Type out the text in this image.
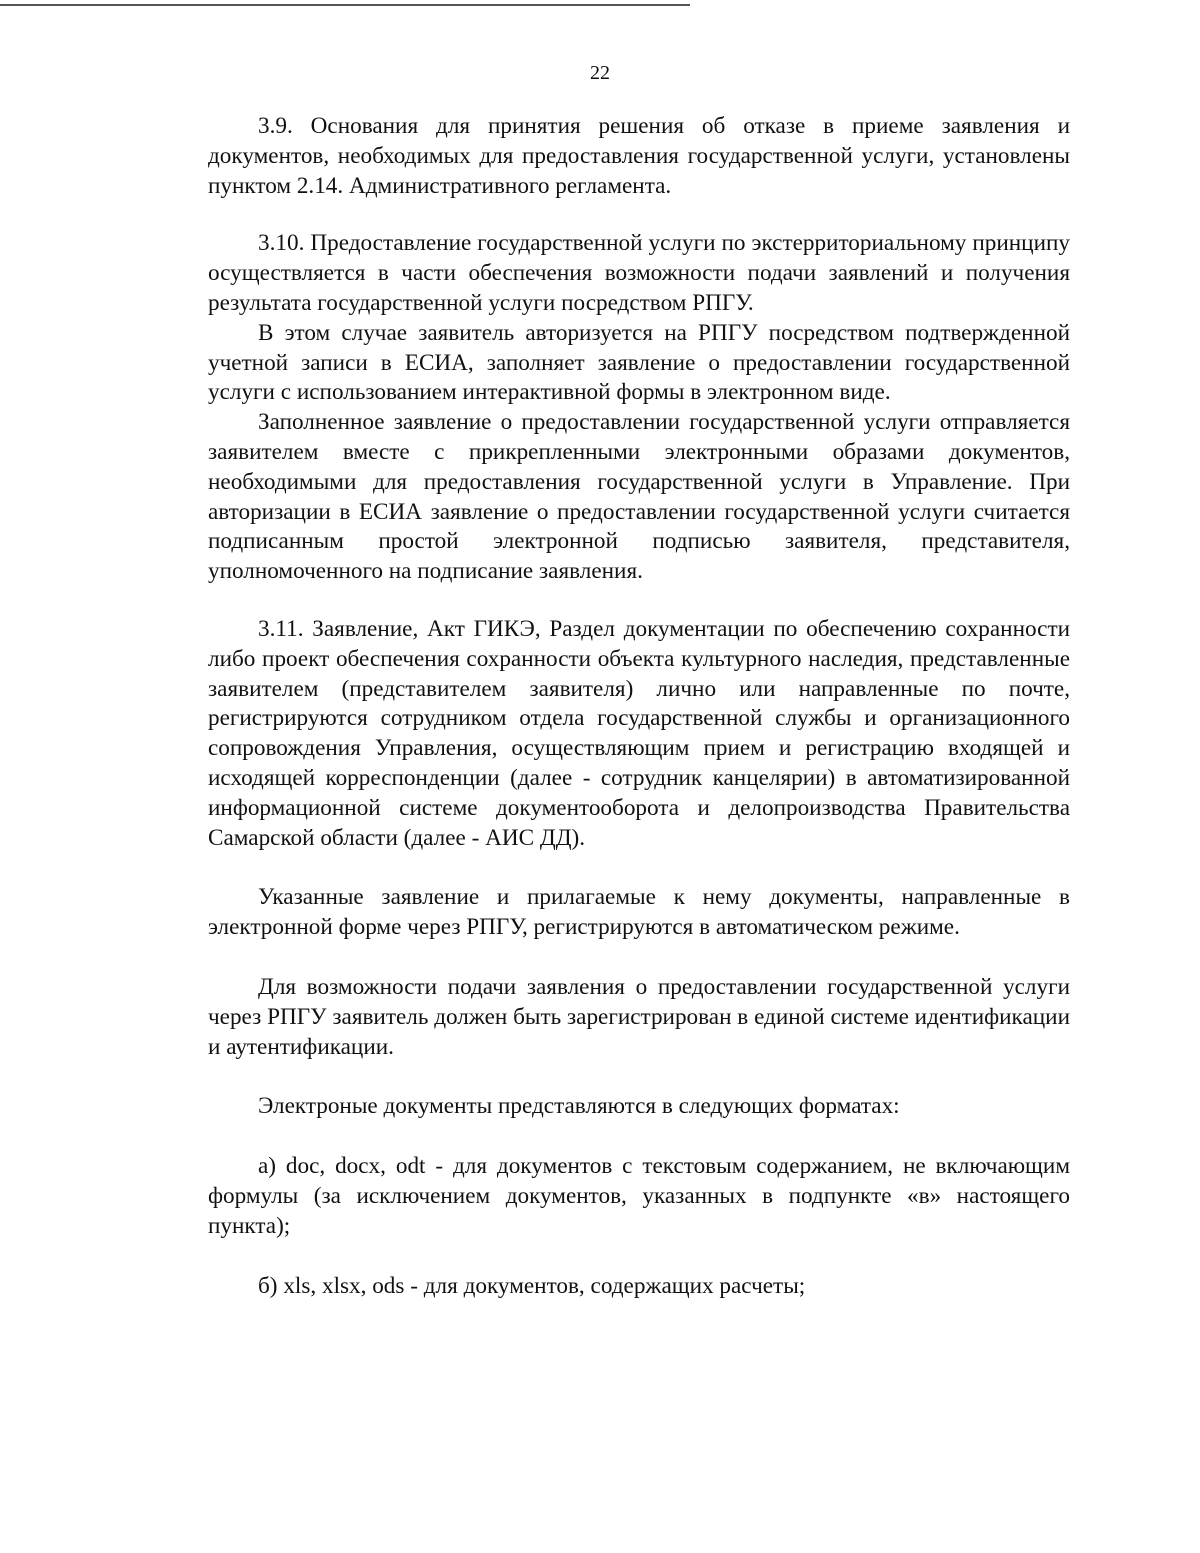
22

3.9. Основания для принятия решения об отказе в приеме заявления и документов, необходимых для предоставления государственной услуги, установлены пунктом 2.14. Административного регламента.

3.10. Предоставление государственной услуги по экстерриториальному принципу осуществляется в части обеспечения возможности подачи заявлений и получения результата государственной услуги посредством РПГУ.

В этом случае заявитель авторизуется на РПГУ посредством подтвержденной учетной записи в ЕСИА, заполняет заявление о предоставлении государственной услуги с использованием интерактивной формы в электронном виде.

Заполненное заявление о предоставлении государственной услуги отправляется заявителем вместе с прикрепленными электронными образами документов, необходимыми для предоставления государственной услуги в Управление. При авторизации в ЕСИА заявление о предоставлении государственной услуги считается подписанным простой электронной подписью заявителя, представителя, уполномоченного на подписание заявления.

3.11. Заявление, Акт ГИКЭ, Раздел документации по обеспечению сохранности либо проект обеспечения сохранности объекта культурного наследия, представленные заявителем (представителем заявителя) лично или направленные по почте, регистрируются сотрудником отдела государственной службы и организационного сопровождения Управления, осуществляющим прием и регистрацию входящей и исходящей корреспонденции (далее - сотрудник канцелярии) в автоматизированной информационной системе документооборота и делопроизводства Правительства Самарской области (далее - АИС ДД).

Указанные заявление и прилагаемые к нему документы, направленные в электронной форме через РПГУ, регистрируются в автоматическом режиме.

Для возможности подачи заявления о предоставлении государственной услуги через РПГУ заявитель должен быть зарегистрирован в единой системе идентификации и аутентификации.

Электроные документы представляются в следующих форматах:

а) doc, docx, odt - для документов с текстовым содержанием, не включающим формулы (за исключением документов, указанных в подпункте «в» настоящего пункта);

б) xls, xlsx, ods - для документов, содержащих расчеты;
